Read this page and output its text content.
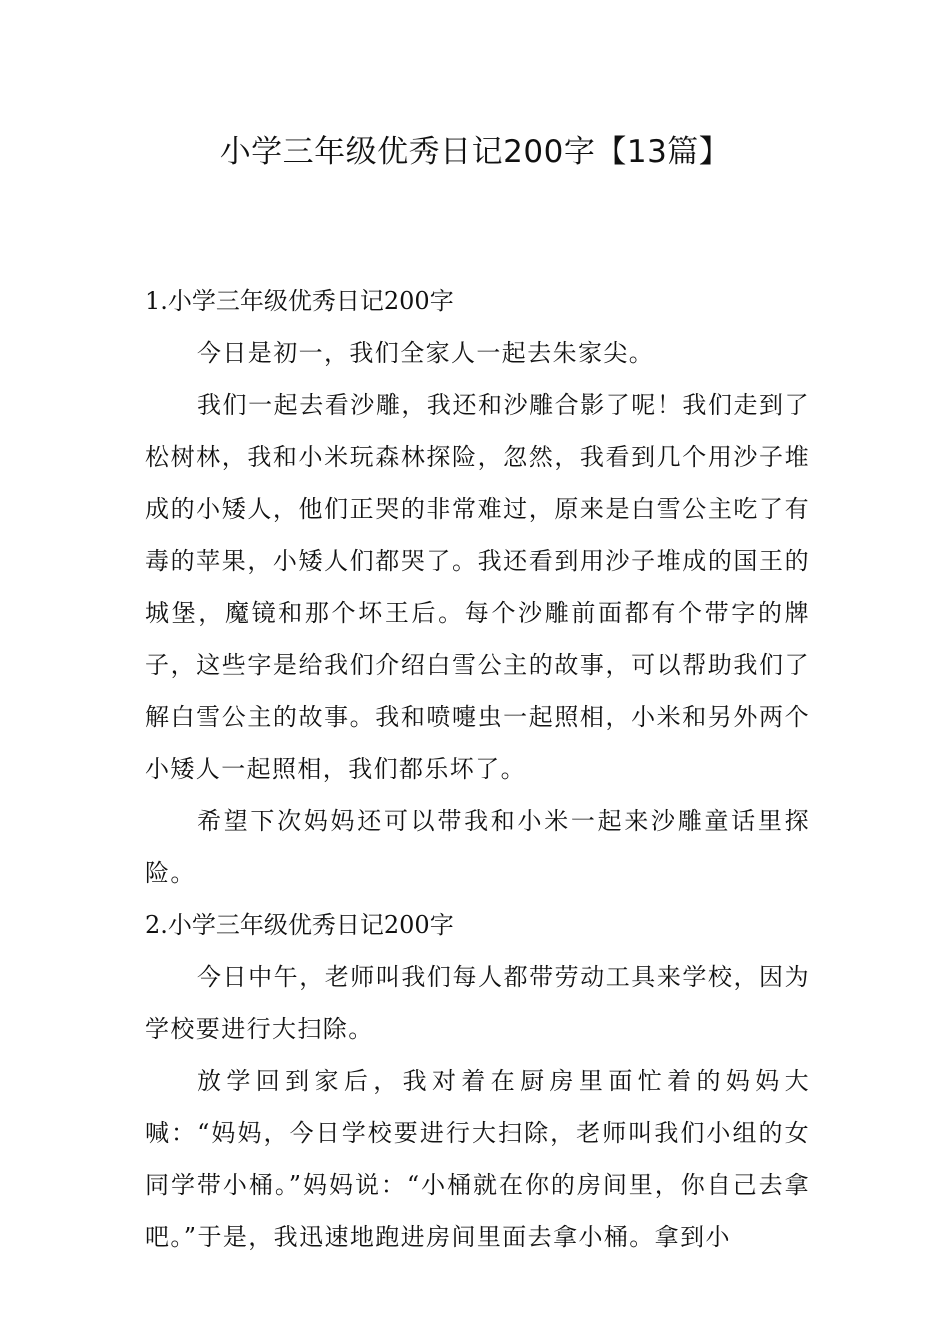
小学三年级优秀日记200字【13篇】
1.小学三年级优秀日记200字

今日是初一，我们全家人一起去朱家尖。

我们一起去看沙雕，我还和沙雕合影了呢！我们走到了松树林，我和小米玩森林探险，忽然，我看到几个用沙子堆成的小矮人，他们正哭的非常难过，原来是白雪公主吃了有毒的苹果，小矮人们都哭了。我还看到用沙子堆成的国王的城堡，魔镜和那个坏王后。每个沙雕前面都有个带字的牌子，这些字是给我们介绍白雪公主的故事，可以帮助我们了解白雪公主的故事。我和喷嚏虫一起照相，小米和另外两个小矮人一起照相，我们都乐坏了。

希望下次妈妈还可以带我和小米一起来沙雕童话里探险。

2.小学三年级优秀日记200字

今日中午，老师叫我们每人都带劳动工具来学校，因为学校要进行大扫除。

放学回到家后，我对着在厨房里面忙着的妈妈大喊：“妈妈，今日学校要进行大扫除，老师叫我们小组的女同学带小桶。”妈妈说：“小桶就在你的房间里，你自己去拿吧。”于是，我迅速地跑进房间里面去拿小桶。拿到小
